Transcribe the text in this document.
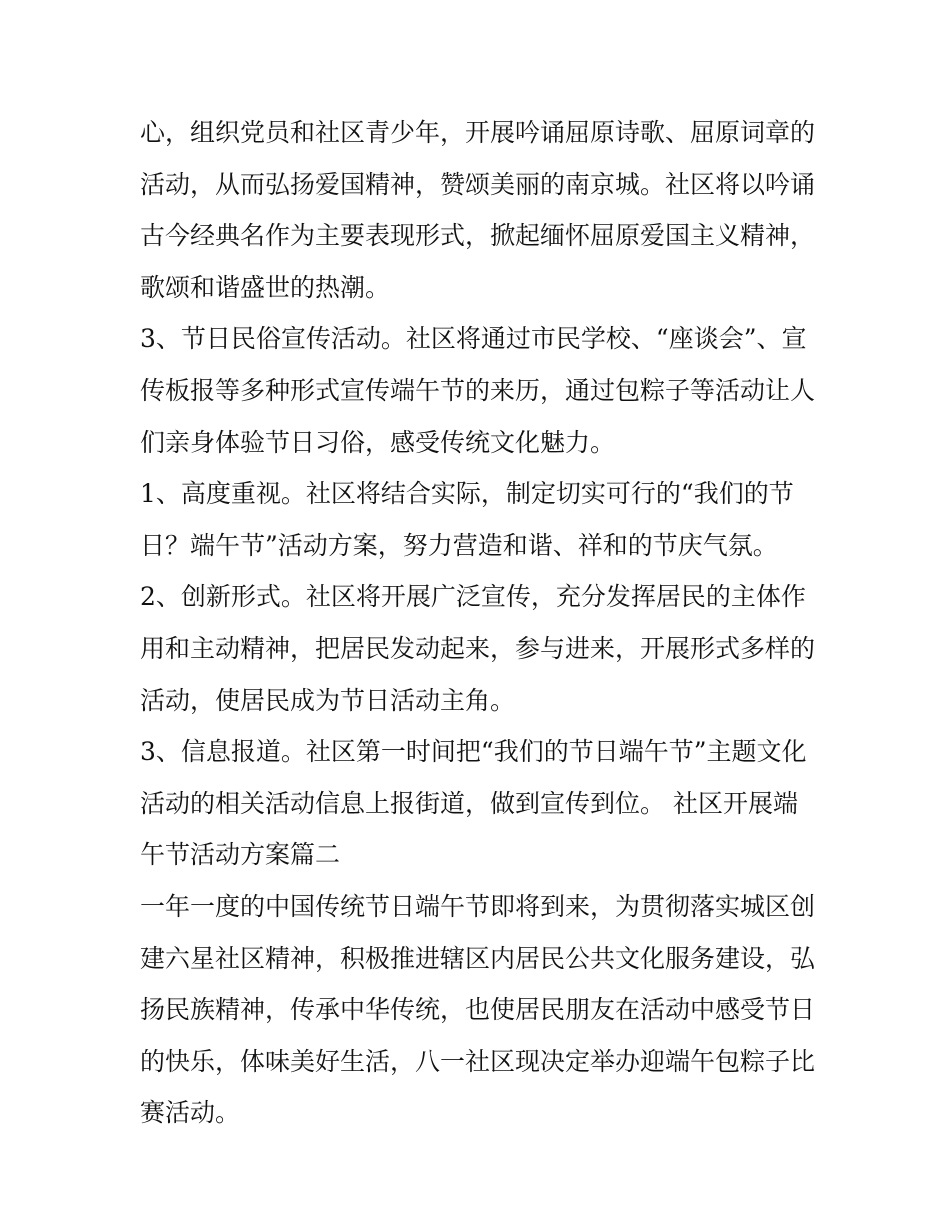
心，组织党员和社区青少年，开展吟诵屈原诗歌、屈原词章的
活动，从而弘扬爱国精神，赞颂美丽的南京城。社区将以吟诵
古今经典名作为主要表现形式，掀起缅怀屈原爱国主义精神，
歌颂和谐盛世的热潮。
3、节日民俗宣传活动。社区将通过市民学校、“座谈会”、宣
传板报等多种形式宣传端午节的来历，通过包粽子等活动让人
们亲身体验节日习俗，感受传统文化魅力。
1、高度重视。社区将结合实际，制定切实可行的“我们的节
日？端午节”活动方案，努力营造和谐、祥和的节庆气氛。
2、创新形式。社区将开展广泛宣传，充分发挥居民的主体作
用和主动精神，把居民发动起来，参与进来，开展形式多样的
活动，使居民成为节日活动主角。
3、信息报道。社区第一时间把“我们的节日端午节”主题文化
活动的相关活动信息上报街道，做到宣传到位。 社区开展端
午节活动方案篇二
一年一度的中国传统节日端午节即将到来，为贯彻落实城区创
建六星社区精神，积极推进辖区内居民公共文化服务建设，弘
扬民族精神，传承中华传统，也使居民朋友在活动中感受节日
的快乐，体味美好生活，八一社区现决定举办迎端午包粽子比
赛活动。
